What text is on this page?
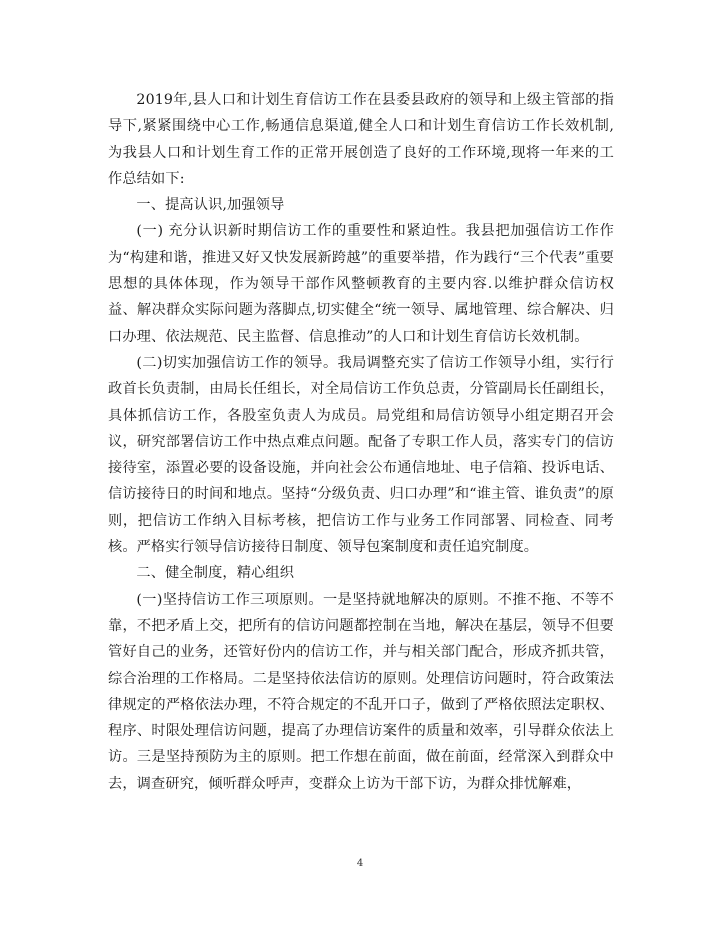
2019年,县人口和计划生育信访工作在县委县政府的领导和上级主管部的指导下,紧紧围绕中心工作,畅通信息渠道,健全人口和计划生育信访工作长效机制,为我县人口和计划生育工作的正常开展创造了良好的工作环境,现将一年来的工作总结如下:

一、提高认识,加强领导

(一) 充分认识新时期信访工作的重要性和紧迫性。我县把加强信访工作作为“构建和谐，推进又好又快发展新跨越”的重要举措，作为践行“三个代表”重要思想的具体体现，作为领导干部作风整顿教育的主要内容.以维护群众信访权益、解决群众实际问题为落脚点,切实健全“统一领导、属地管理、综合解决、归口办理、依法规范、民主监督、信息推动”的人口和计划生育信访长效机制。

(二)切实加强信访工作的领导。我局调整充实了信访工作领导小组，实行行政首长负责制，由局长任组长，对全局信访工作负总责，分管副局长任副组长，具体抓信访工作，各股室负责人为成员。局党组和局信访领导小组定期召开会议，研究部署信访工作中热点难点问题。配备了专职工作人员，落实专门的信访接待室，添置必要的设备设施，并向社会公布通信地址、电子信箱、投诉电话、信访接待日的时间和地点。坚持“分级负责、归口办理”和“谁主管、谁负责”的原则，把信访工作纳入目标考核，把信访工作与业务工作同部署、同检查、同考核。严格实行领导信访接待日制度、领导包案制度和责任追究制度。

二、健全制度，精心组织

(一)坚持信访工作三项原则。一是坚持就地解决的原则。不推不拖、不等不靠，不把矛盾上交，把所有的信访问题都控制在当地，解决在基层，领导不但要管好自己的业务，还管好份内的信访工作，并与相关部门配合，形成齐抓共管，综合治理的工作格局。二是坚持依法信访的原则。处理信访问题时，符合政策法律规定的严格依法办理，不符合规定的不乱开口子，做到了严格依照法定职权、程序、时限处理信访问题，提高了办理信访案件的质量和效率，引导群众依法上访。三是坚持预防为主的原则。把工作想在前面，做在前面，经常深入到群众中去，调查研究，倾听群众呼声，变群众上访为干部下访，为群众排忧解难，

4
